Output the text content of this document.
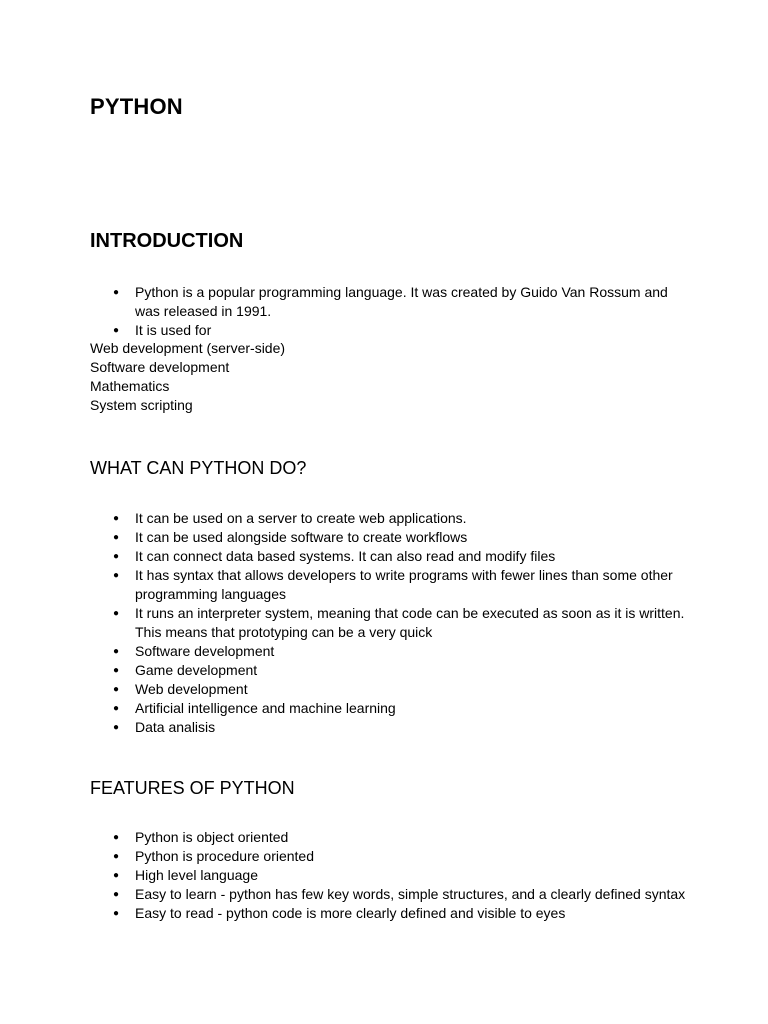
PYTHON
INTRODUCTION
● Python is a popular programming language. It was created by Guido Van Rossum and was released in 1991.
● It is used for
Web development (server-side)
Software development
Mathematics
System scripting
WHAT CAN PYTHON DO?
● It can be used on a server to create web applications.
● It can be used alongside software to create workflows
● It can connect data based systems. It can also read and modify files
● It has syntax that allows developers to write programs with fewer lines than some other programming languages
● It runs an interpreter system, meaning that code can be executed as soon as it is written. This means that prototyping can be a very quick
● Software development
● Game development
● Web development
● Artificial intelligence and machine learning
● Data analisis
FEATURES OF PYTHON
● Python is object oriented
● Python is procedure oriented
● High level language
● Easy to learn - python has few key words, simple structures, and a clearly defined syntax
● Easy to read - python code is more clearly defined and visible to eyes
